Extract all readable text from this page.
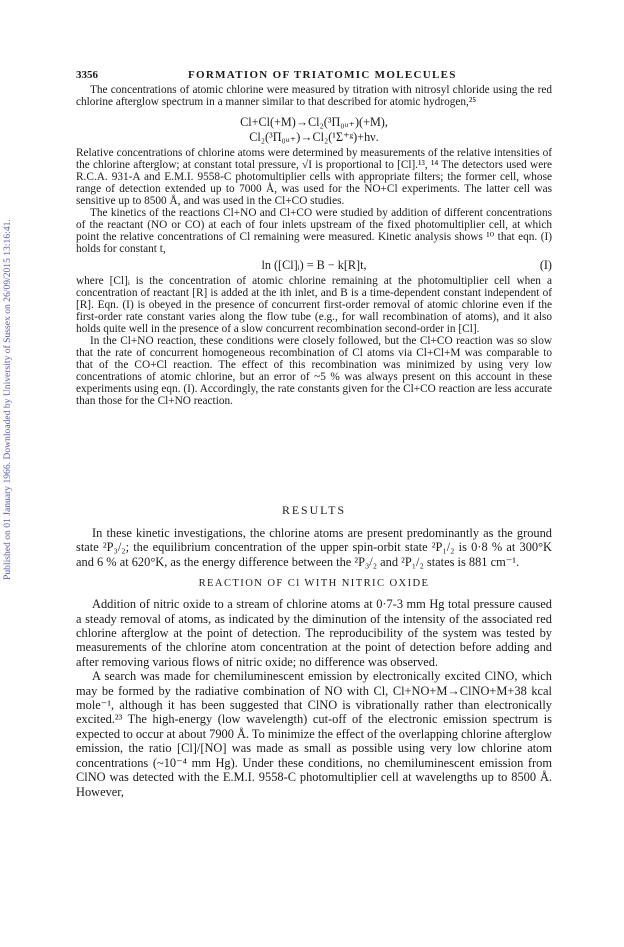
Published on 01 January 1966. Downloaded by University of Sussex on 26/09/2015 13:16:41.
3356	FORMATION OF TRIATOMIC MOLECULES

The concentrations of atomic chlorine were measured by titration with nitrosyl chloride using the red chlorine afterglow spectrum in a manner similar to that described for atomic hydrogen,²⁵

Cl+Cl(+M)→Cl₂(³Π₀ᵤ₊)(+M),
Cl₂(³Π₀ᵤ₊)→Cl₂(¹Σ⁺ᵍ)+hν.

Relative concentrations of chlorine atoms were determined by measurements of the relative intensities of the chlorine afterglow; at constant total pressure, √I is proportional to [Cl].¹³, ¹⁴ The detectors used were R.C.A. 931-A and E.M.I. 9558-C photomultiplier cells with appropriate filters; the former cell, whose range of detection extended up to 7000 Å, was used for the NO+Cl experiments. The latter cell was sensitive up to 8500 Å, and was used in the Cl+CO studies.

The kinetics of the reactions Cl+NO and Cl+CO were studied by addition of different concentrations of the reactant (NO or CO) at each of four inlets upstream of the fixed photomultiplier cell, at which point the relative concentrations of Cl remaining were measured. Kinetic analysis shows ¹⁰ that eqn. (I) holds for constant t,

ln ([Cl]ᵢ) = B − k[R]t,	(I)

where [Cl]ᵢ is the concentration of atomic chlorine remaining at the photomultiplier cell when a concentration of reactant [R] is added at the ith inlet, and B is a time-dependent constant independent of [R]. Eqn. (I) is obeyed in the presence of concurrent first-order removal of atomic chlorine even if the first-order rate constant varies along the flow tube (e.g., for wall recombination of atoms), and it also holds quite well in the presence of a slow concurrent recombination second-order in [Cl].

In the Cl+NO reaction, these conditions were closely followed, but the Cl+CO reaction was so slow that the rate of concurrent homogeneous recombination of Cl atoms via Cl+Cl+M was comparable to that of the CO+Cl reaction. The effect of this recombination was minimized by using very low concentrations of atomic chlorine, but an error of ~5 % was always present on this account in these experiments using eqn. (I). Accordingly, the rate constants given for the Cl+CO reaction are less accurate than those for the Cl+NO reaction.

RESULTS

In these kinetic investigations, the chlorine atoms are present predominantly as the ground state ²P₃/₂; the equilibrium concentration of the upper spin-orbit state ²P₁/₂ is 0·8 % at 300°K and 6 % at 620°K, as the energy difference between the ²P₃/₂ and ²P₁/₂ states is 881 cm⁻¹.

REACTION OF Cl WITH NITRIC OXIDE

Addition of nitric oxide to a stream of chlorine atoms at 0·7-3 mm Hg total pressure caused a steady removal of atoms, as indicated by the diminution of the intensity of the associated red chlorine afterglow at the point of detection. The reproducibility of the system was tested by measurements of the chlorine atom concentration at the point of detection before adding and after removing various flows of nitric oxide; no difference was observed.

A search was made for chemiluminescent emission by electronically excited ClNO, which may be formed by the radiative combination of NO with Cl, Cl+NO+M→ClNO+M+38 kcal mole⁻¹, although it has been suggested that ClNO is vibrationally rather than electronically excited.²³ The high-energy (low wavelength) cut-off of the electronic emission spectrum is expected to occur at about 7900 Å. To minimize the effect of the overlapping chlorine afterglow emission, the ratio [Cl]/[NO] was made as small as possible using very low chlorine atom concentrations (~10⁻⁴ mm Hg). Under these conditions, no chemiluminescent emission from ClNO was detected with the E.M.I. 9558-C photomultiplier cell at wavelengths up to 8500 Å. However,
